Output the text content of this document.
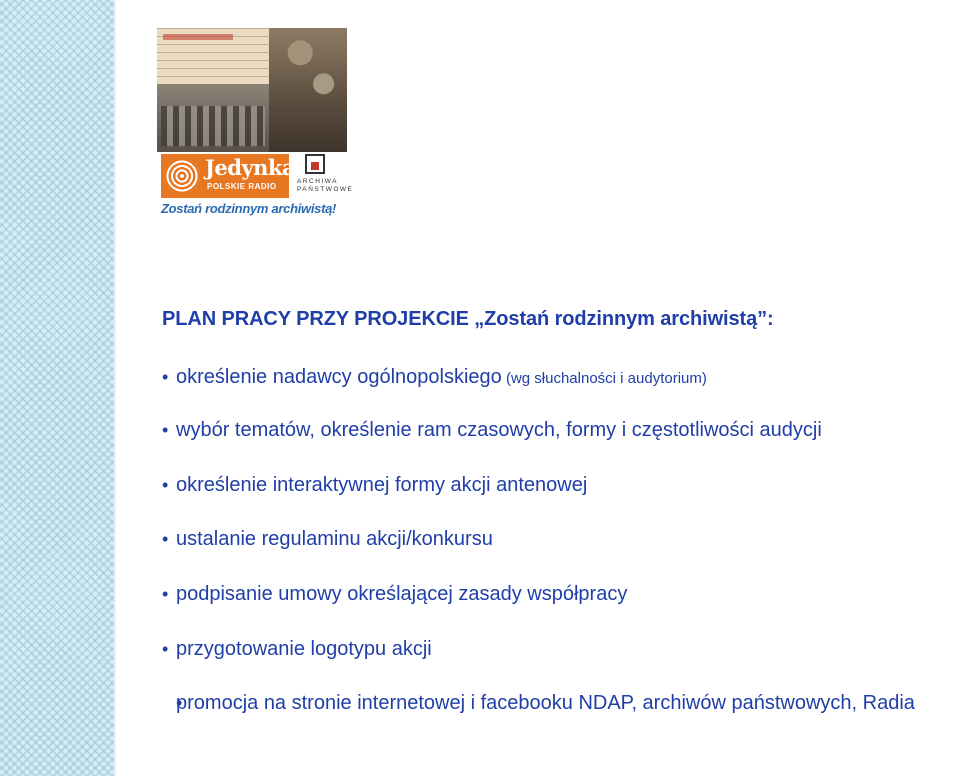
Jedynka
POLSKIE RADIO
ARCHIWA PAŃSTWOWE
Zostań rodzinnym archiwistą!
PLAN PRACY PRZY PROJEKCIE „Zostań rodzinnym archiwistą”:
• określenie nadawcy ogólnopolskiego (wg słuchalności i audytorium)
• wybór tematów, określenie ram czasowych, formy i częstotliwości audycji
• określenie interaktywnej formy akcji antenowej
• ustalanie regulaminu akcji/konkursu
• podpisanie umowy określającej zasady współpracy
• przygotowanie logotypu akcji
• promocja na stronie internetowej i facebooku NDAP, archiwów państwowych, Radia
